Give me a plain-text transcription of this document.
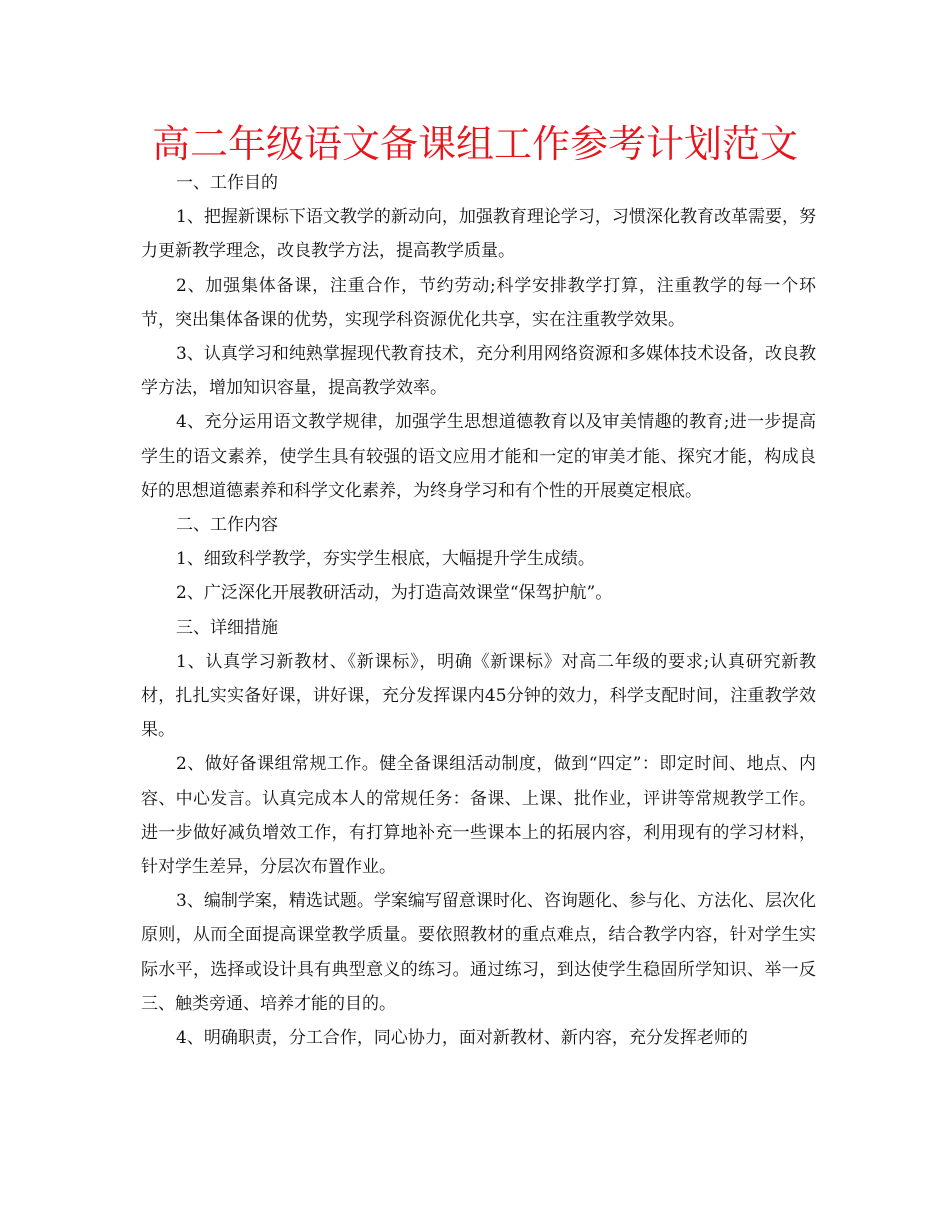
高二年级语文备课组工作参考计划范文

一、工作目的

1、把握新课标下语文教学的新动向，加强教育理论学习，习惯深化教育改革需要，努力更新教学理念，改良教学方法，提高教学质量。

2、加强集体备课，注重合作，节约劳动;科学安排教学打算，注重教学的每一个环节，突出集体备课的优势，实现学科资源优化共享，实在注重教学效果。

3、认真学习和纯熟掌握现代教育技术，充分利用网络资源和多媒体技术设备，改良教学方法，增加知识容量，提高教学效率。

4、充分运用语文教学规律，加强学生思想道德教育以及审美情趣的教育;进一步提高学生的语文素养，使学生具有较强的语文应用才能和一定的审美才能、探究才能，构成良好的思想道德素养和科学文化素养，为终身学习和有个性的开展奠定根底。

二、工作内容

1、细致科学教学，夯实学生根底，大幅提升学生成绩。

2、广泛深化开展教研活动，为打造高效课堂“保驾护航”。

三、详细措施

1、认真学习新教材、《新课标》，明确《新课标》对高二年级的要求;认真研究新教材，扎扎实实备好课，讲好课，充分发挥课内45分钟的效力，科学支配时间，注重教学效果。

2、做好备课组常规工作。健全备课组活动制度，做到“四定”：即定时间、地点、内容、中心发言。认真完成本人的常规任务：备课、上课、批作业，评讲等常规教学工作。进一步做好减负增效工作，有打算地补充一些课本上的拓展内容，利用现有的学习材料，针对学生差异，分层次布置作业。

3、编制学案，精选试题。学案编写留意课时化、咨询题化、参与化、方法化、层次化原则，从而全面提高课堂教学质量。要依照教材的重点难点，结合教学内容，针对学生实际水平，选择或设计具有典型意义的练习。通过练习，到达使学生稳固所学知识、举一反三、触类旁通、培养才能的目的。

4、明确职责，分工合作，同心协力，面对新教材、新内容，充分发挥老师的
